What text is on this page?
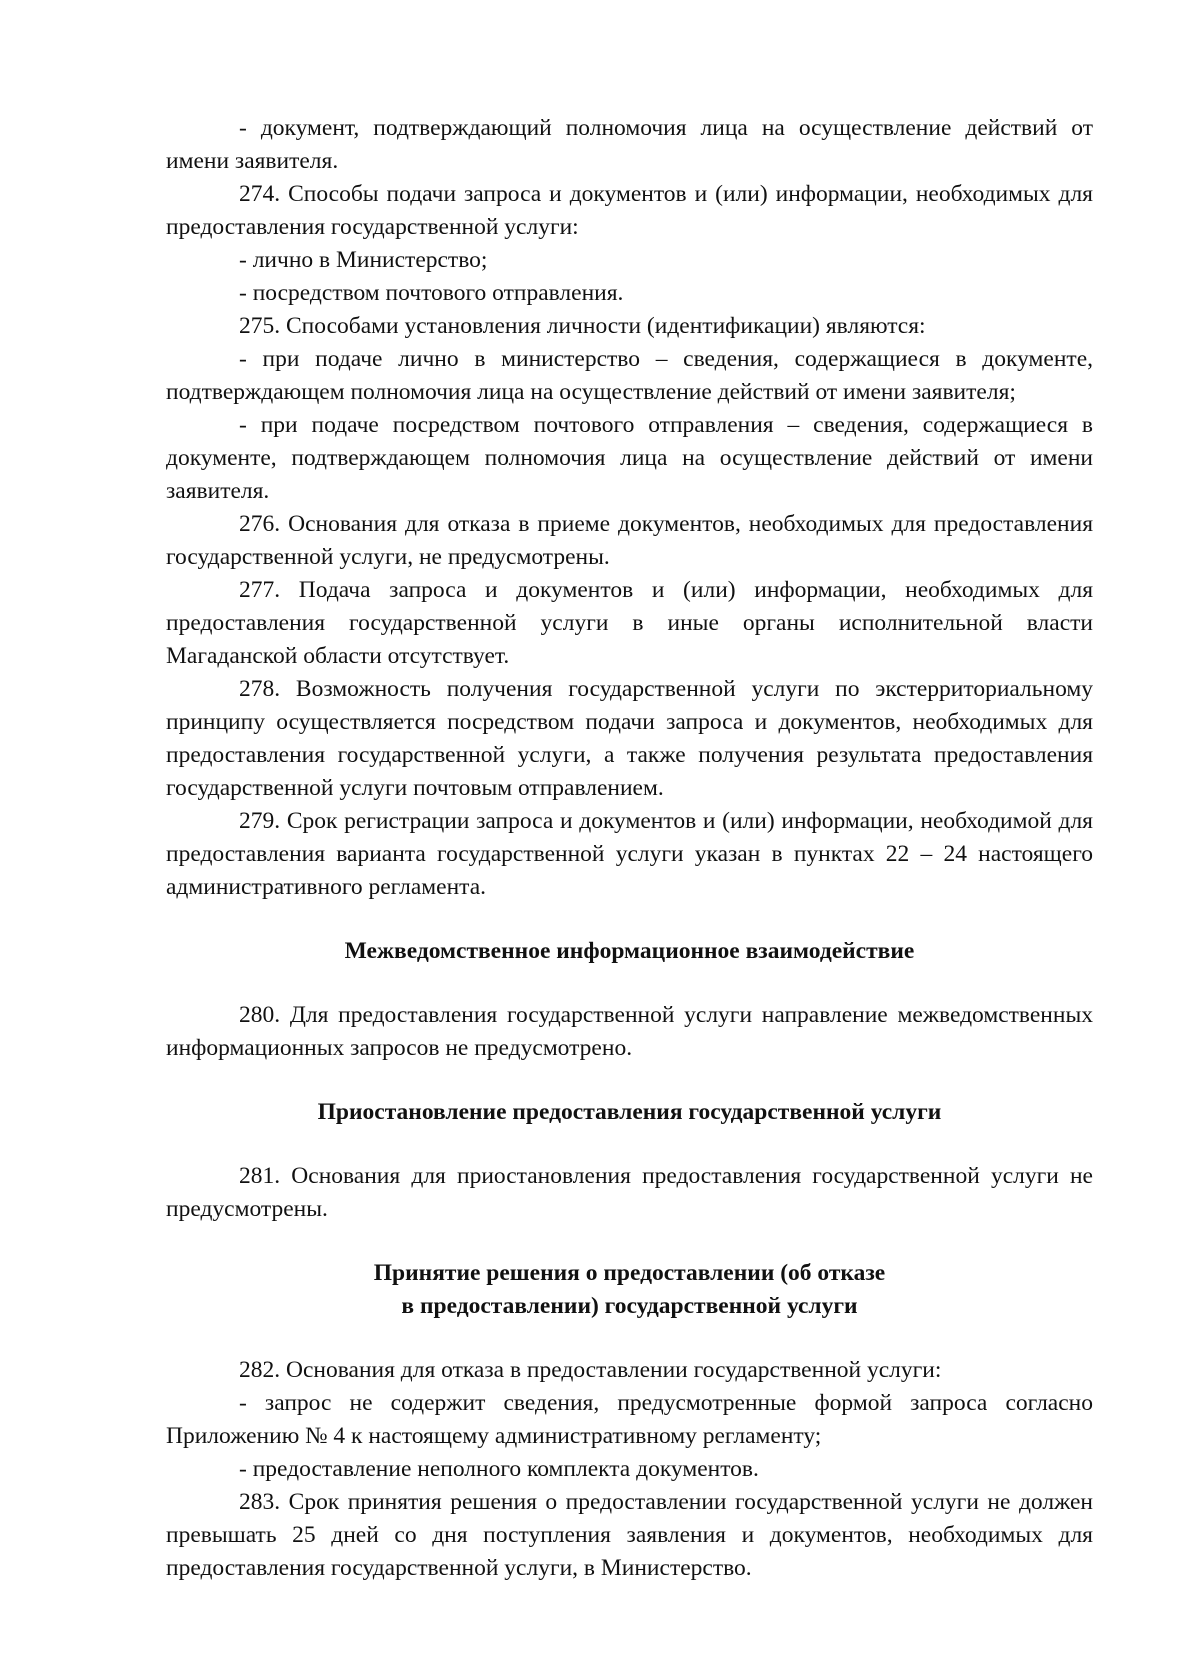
- документ, подтверждающий полномочия лица на осуществление действий от имени заявителя.

274. Способы подачи запроса и документов и (или) информации, необходимых для предоставления государственной услуги:

- лично в Министерство;

- посредством почтового отправления.

275. Способами установления личности (идентификации) являются:

- при подаче лично в министерство – сведения, содержащиеся в документе, подтверждающем полномочия лица на осуществление действий от имени заявителя;

- при подаче посредством почтового отправления – сведения, содержащиеся в документе, подтверждающем полномочия лица на осуществление действий от имени заявителя.

276. Основания для отказа в приеме документов, необходимых для предоставления государственной услуги, не предусмотрены.

277. Подача запроса и документов и (или) информации, необходимых для предоставления государственной услуги в иные органы исполнительной власти Магаданской области отсутствует.

278. Возможность получения государственной услуги по экстерриториальному принципу осуществляется посредством подачи запроса и документов, необходимых для предоставления государственной услуги, а также получения результата предоставления государственной услуги почтовым отправлением.

279. Срок регистрации запроса и документов и (или) информации, необходимой для предоставления варианта государственной услуги указан в пунктах 22 – 24 настоящего административного регламента.

Межведомственное информационное взаимодействие

280. Для предоставления государственной услуги направление межведомственных информационных запросов не предусмотрено.

Приостановление предоставления государственной услуги

281. Основания для приостановления предоставления государственной услуги не предусмотрены.

Принятие решения о предоставлении (об отказе

в предоставлении) государственной услуги

282. Основания для отказа в предоставлении государственной услуги:

- запрос не содержит сведения, предусмотренные формой запроса согласно Приложению № 4 к настоящему административному регламенту;

- предоставление неполного комплекта документов.

283. Срок принятия решения о предоставлении государственной услуги не должен превышать 25 дней со дня поступления заявления и документов, необходимых для предоставления государственной услуги, в Министерство.
